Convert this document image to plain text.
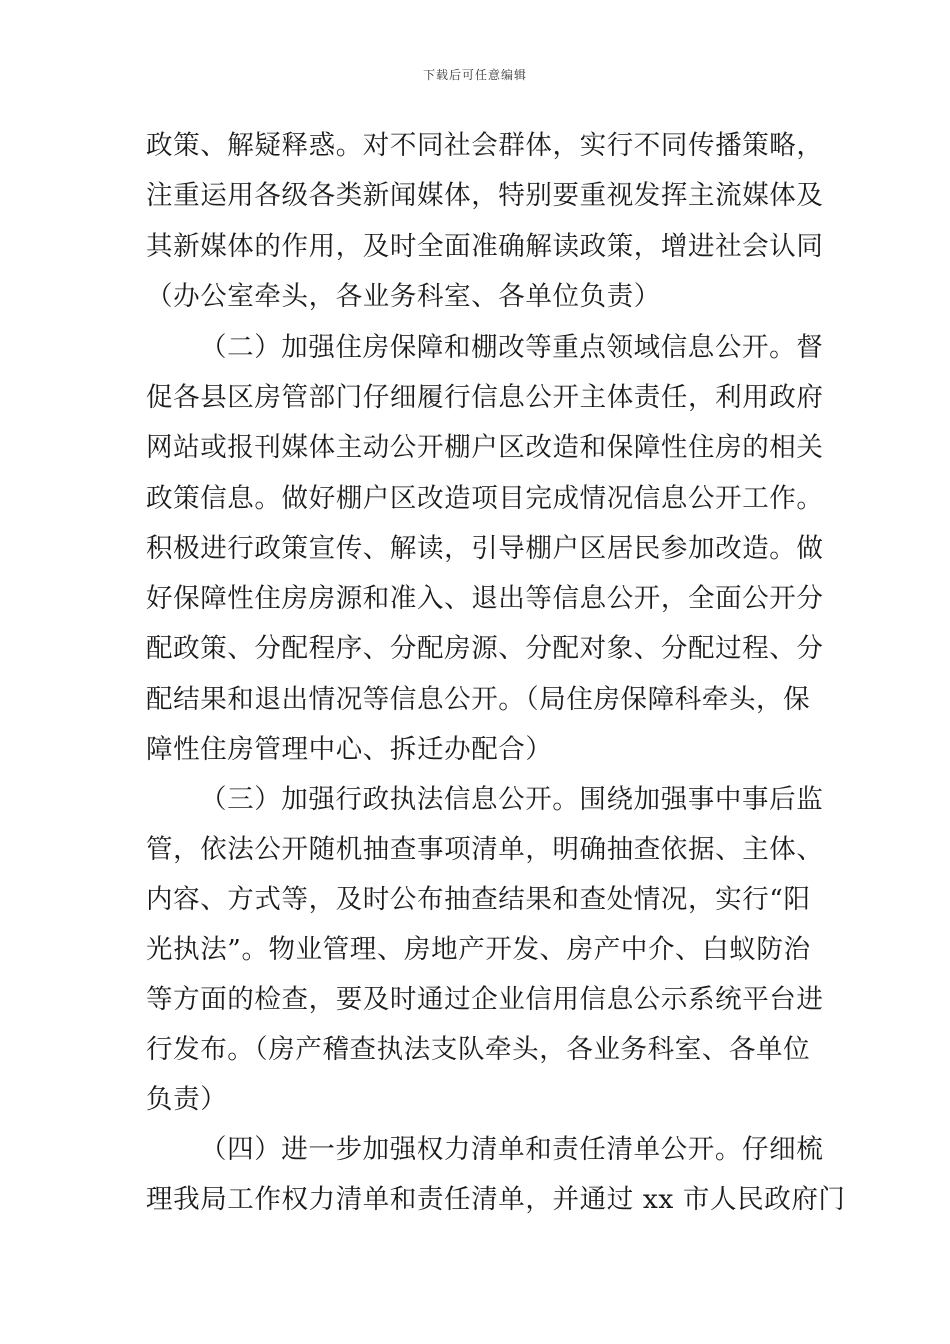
下载后可任意编辑
政策、解疑释惑。对不同社会群体，实行不同传播策略，
注重运用各级各类新闻媒体，特别要重视发挥主流媒体及
其新媒体的作用，及时全面准确解读政策，增进社会认同
（办公室牵头，各业务科室、各单位负责）
（二）加强住房保障和棚改等重点领域信息公开。督
促各县区房管部门仔细履行信息公开主体责任，利用政府
网站或报刊媒体主动公开棚户区改造和保障性住房的相关
政策信息。做好棚户区改造项目完成情况信息公开工作。
积极进行政策宣传、解读，引导棚户区居民参加改造。做
好保障性住房房源和准入、退出等信息公开，全面公开分
配政策、分配程序、分配房源、分配对象、分配过程、分
配结果和退出情况等信息公开。（局住房保障科牵头，保
障性住房管理中心、拆迁办配合）
（三）加强行政执法信息公开。围绕加强事中事后监
管，依法公开随机抽查事项清单，明确抽查依据、主体、
内容、方式等，及时公布抽查结果和查处情况，实行“阳
光执法”。物业管理、房地产开发、房产中介、白蚁防治
等方面的检查，要及时通过企业信用信息公示系统平台进
行发布。（房产稽查执法支队牵头，各业务科室、各单位
负责）
（四）进一步加强权力清单和责任清单公开。仔细梳
理我局工作权力清单和责任清单，并通过 xx 市人民政府门
